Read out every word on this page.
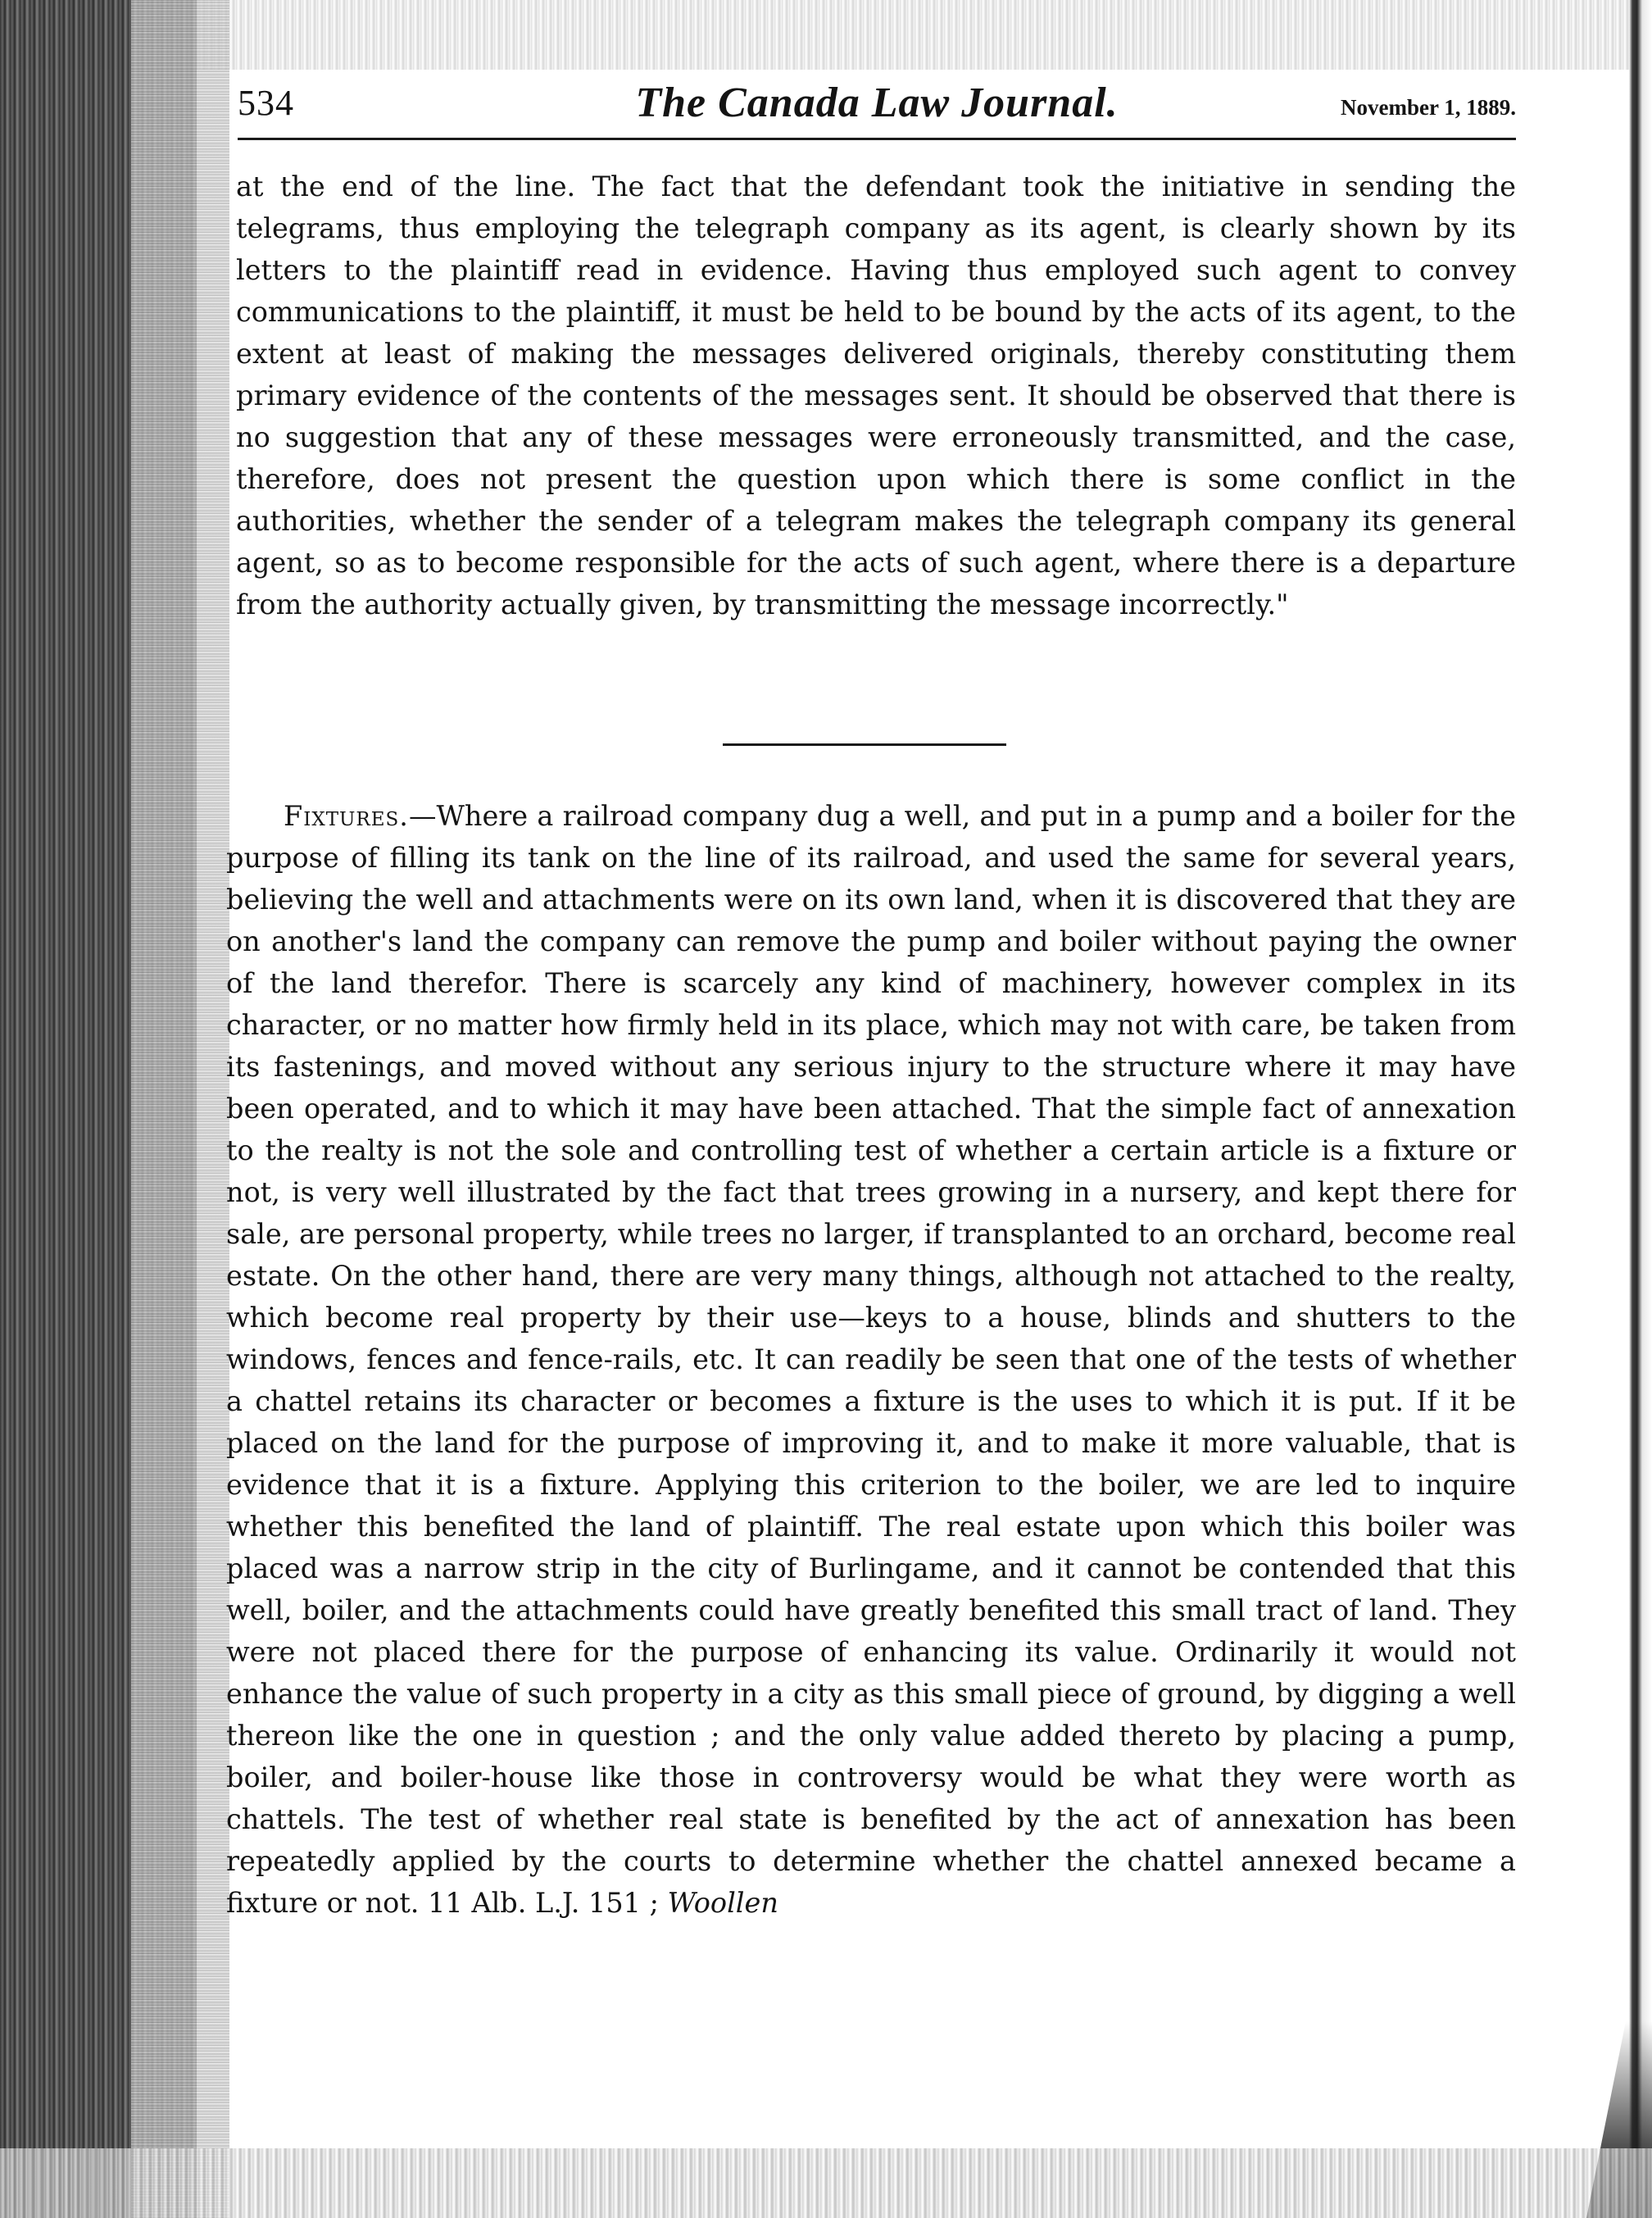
534	The Canada Law Journal.	November 1, 1889.

at the end of the line. The fact that the defendant took the initiative in sending the telegrams, thus employing the telegraph company as its agent, is clearly shown by its letters to the plaintiff read in evidence. Having thus employed such agent to convey communications to the plaintiff, it must be held to be bound by the acts of its agent, to the extent at least of making the messages delivered originals, thereby constituting them primary evidence of the contents of the messages sent. It should be observed that there is no suggestion that any of these messages were erroneously transmitted, and the case, therefore, does not present the question upon which there is some conflict in the authorities, whether the sender of a telegram makes the telegraph company its general agent, so as to become responsible for the acts of such agent, where there is a departure from the authority actually given, by transmitting the message incorrectly."

Fixtures.—Where a railroad company dug a well, and put in a pump and a boiler for the purpose of filling its tank on the line of its railroad, and used the same for several years, believing the well and attachments were on its own land, when it is discovered that they are on another's land the company can remove the pump and boiler without paying the owner of the land therefor. There is scarcely any kind of machinery, however complex in its character, or no matter how firmly held in its place, which may not with care, be taken from its fastenings, and moved without any serious injury to the structure where it may have been operated, and to which it may have been attached. That the simple fact of annexation to the realty is not the sole and controlling test of whether a certain article is a fixture or not, is very well illustrated by the fact that trees growing in a nursery, and kept there for sale, are personal property, while trees no larger, if transplanted to an orchard, become real estate. On the other hand, there are very many things, although not attached to the realty, which become real property by their use—keys to a house, blinds and shutters to the windows, fences and fence-rails, etc. It can readily be seen that one of the tests of whether a chattel retains its character or becomes a fixture is the uses to which it is put. If it be placed on the land for the purpose of improving it, and to make it more valuable, that is evidence that it is a fixture. Applying this criterion to the boiler, we are led to inquire whether this benefited the land of plaintiff. The real estate upon which this boiler was placed was a narrow strip in the city of Burlingame, and it cannot be contended that this well, boiler, and the attachments could have greatly benefited this small tract of land. They were not placed there for the purpose of enhancing its value. Ordinarily it would not enhance the value of such property in a city as this small piece of ground, by digging a well thereon like the one in question ; and the only value added thereto by placing a pump, boiler, and boiler-house like those in controversy would be what they were worth as chattels. The test of whether real state is benefited by the act of annexation has been repeatedly applied by the courts to determine whether the chattel annexed became a fixture or not. 11 Alb. L.J. 151 ; Woollen
